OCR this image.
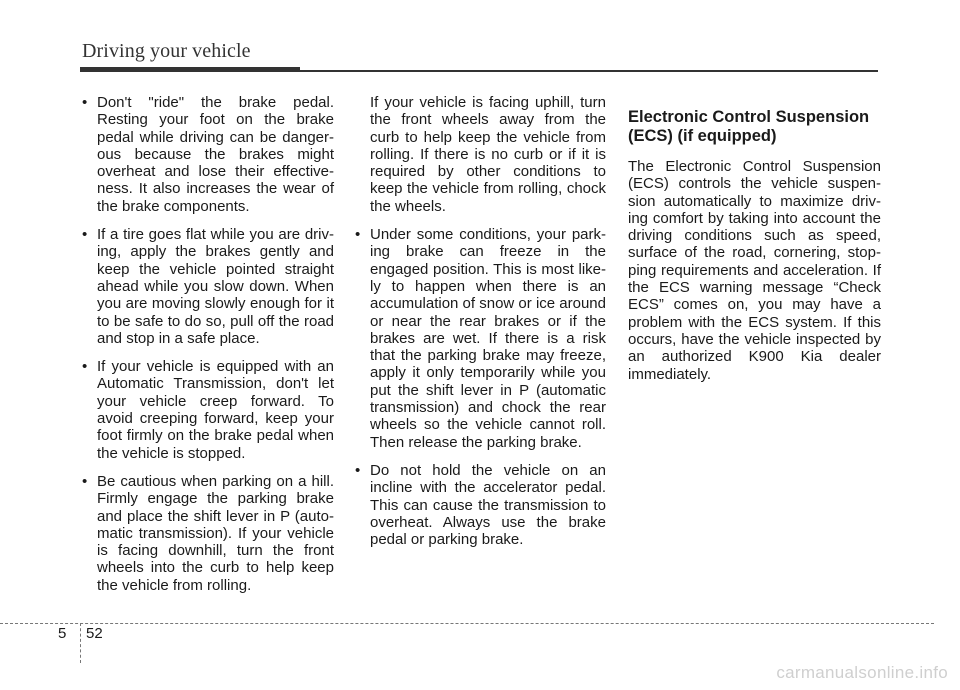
Driving your vehicle
• Don't "ride" the brake pedal. Resting your foot on the brake pedal while driving can be danger-ous because the brakes might overheat and lose their effective-ness. It also increases the wear of the brake components.
• If a tire goes flat while you are driv-ing, apply the brakes gently and keep the vehicle pointed straight ahead while you slow down. When you are moving slowly enough for it to be safe to do so, pull off the road and stop in a safe place.
• If your vehicle is equipped with an Automatic Transmission, don't let your vehicle creep forward. To avoid creeping forward, keep your foot firmly on the brake pedal when the vehicle is stopped.
• Be cautious when parking on a hill. Firmly engage the parking brake and place the shift lever in P (auto-matic transmission). If your vehicle is facing downhill, turn the front wheels into the curb to help keep the vehicle from rolling.

If your vehicle is facing uphill, turn the front wheels away from the curb to help keep the vehicle from rolling. If there is no curb or if it is required by other conditions to keep the vehicle from rolling, chock the wheels.

• Under some conditions, your park-ing brake can freeze in the engaged position. This is most like-ly to happen when there is an accumulation of snow or ice around or near the rear brakes or if the brakes are wet. If there is a risk that the parking brake may freeze, apply it only temporarily while you put the shift lever in P (automatic transmission) and chock the rear wheels so the vehicle cannot roll. Then release the parking brake.
• Do not hold the vehicle on an incline with the accelerator pedal. This can cause the transmission to overheat. Always use the brake pedal or parking brake.
Electronic Control Suspension
(ECS) (if equipped)

The Electronic Control Suspension (ECS) controls the vehicle suspen-sion automatically to maximize driv-ing comfort by taking into account the driving conditions such as speed, surface of the road, cornering, stop-ping requirements and acceleration. If the ECS warning message “Check ECS” comes on, you may have a problem with the ECS system. If this occurs, have the vehicle inspected by an authorized K900 Kia dealer immediately.

5 52
carmanualsonline.info
